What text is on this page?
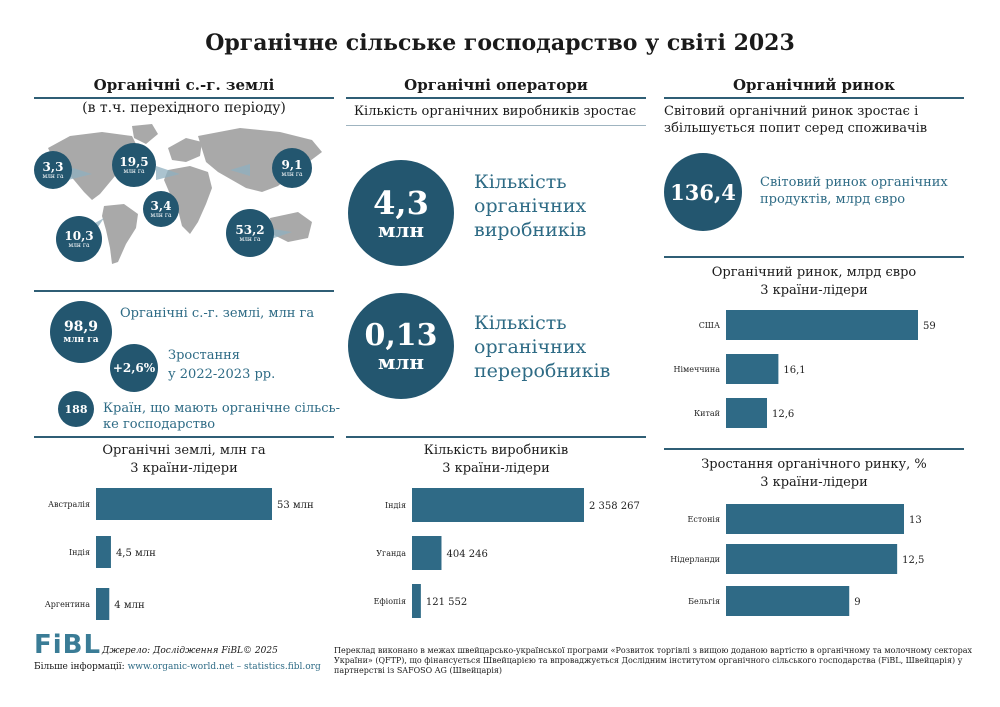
Органічне сільське господарство у світі 2023
Органічні с.-г. землі
(в т.ч. перехідного періоду)
3,3
млн га
19,5
млн га	9,1
млн га
3,4
млн га
10,3
млн га
53,2
млн га
98,9
млн га
Органічні с.-г. землі, млн га
+2,6%
Зростання
у 2022-2023 рр.
188 Країн, що мають органічне сільсь-
ке господарство
Органічні оператори
Кількість органічних виробників зростає
4,3
млн
Кількість
органічних
виробників
0,13
млн
Кількість
органічних
переробників
Органічний ринок
Світовий органічний ринок зростає і
збільшується попит серед споживачів
136,4 Світовий ринок органічних
продуктів, млрд євро
Органічні землі, млн га
3 країни-лідери
Австралія	53 млн
Індія	4,5 млн
Аргентина 4 млн
Кількість виробників
3 країни-лідери
Індія	2 358 267
Уганда	404 246
Ефіопія 121 552
Органічний ринок, млрд євро
3 країни-лідери
США	59
Німеччина	16,1
Китай	12,6
Зростання органічного ринку, %
3 країни-лідери
Естонія	13
Нідерланди	12,5
Бельгія	9
FiBL Джерело: Дослідження FiBL© 2025
Більше інформації: www.organic-world.net – statistics.fibl.org
Переклад виконано в межах швейцарсько-української програми «Розвиток торгівлі з вищою доданою вартістю в органічному та молочному секторах України» (QFTP), що фінансується Швейцарією та впроваджується Дослідним інститутом органічного сільського господарства (FiBL, Швейцарія) у партнерстві із SAFOSO AG (Швейцарія)
